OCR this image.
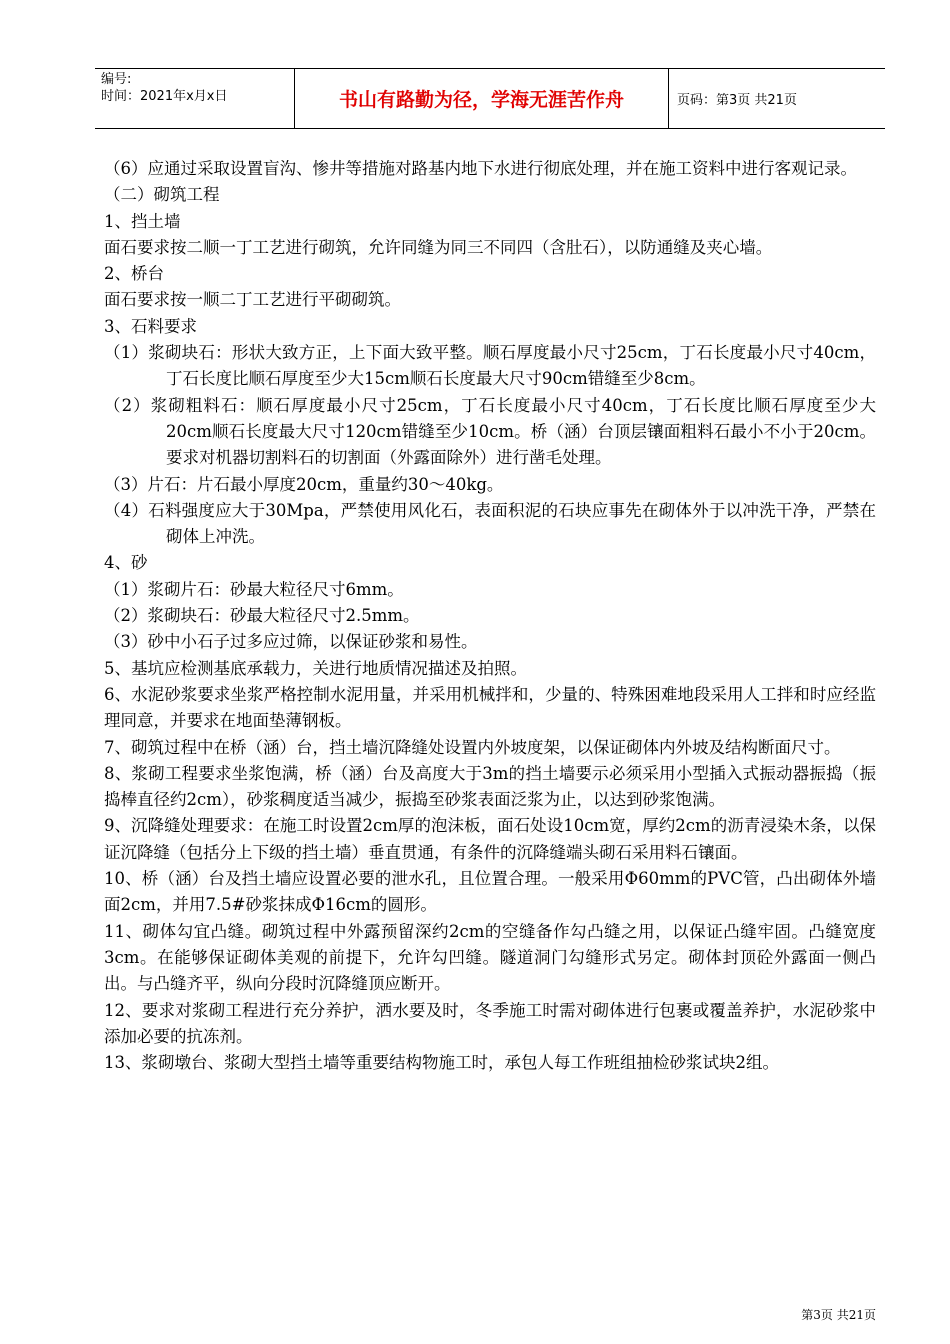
编号:
时间：2021年x月x日	书山有路勤为径，学海无涯苦作舟	页码：第3页 共21页

（6）应通过采取设置盲沟、惨井等措施对路基内地下水进行彻底处理，并在施工资料中进行客观记录。

（二）砌筑工程

1、挡土墙

面石要求按二顺一丁工艺进行砌筑，允许同缝为同三不同四（含肚石），以防通缝及夹心墙。

2、桥台

面石要求按一顺二丁工艺进行平砌砌筑。

3、石料要求

（1）浆砌块石：形状大致方正，上下面大致平整。顺石厚度最小尺寸25cm，丁石长度最小尺寸40cm，丁石长度比顺石厚度至少大15cm顺石长度最大尺寸90cm错缝至少8cm。

（2）浆砌粗料石：顺石厚度最小尺寸25cm，丁石长度最小尺寸40cm，丁石长度比顺石厚度至少大20cm顺石长度最大尺寸120cm错缝至少10cm。桥（涵）台顶层镶面粗料石最小不小于20cm。要求对机器切割料石的切割面（外露面除外）进行凿毛处理。

（3）片石：片石最小厚度20cm，重量约30～40kg。

（4）石料强度应大于30Mpa，严禁使用风化石，表面积泥的石块应事先在砌体外于以冲洗干净，严禁在砌体上冲洗。

4、砂

（1）浆砌片石：砂最大粒径尺寸6mm。

（2）浆砌块石：砂最大粒径尺寸2.5mm。

（3）砂中小石子过多应过筛，以保证砂浆和易性。

5、基坑应检测基底承载力，关进行地质情况描述及拍照。

6、水泥砂浆要求坐浆严格控制水泥用量，并采用机械拌和，少量的、特殊困难地段采用人工拌和时应经监理同意，并要求在地面垫薄钢板。

7、砌筑过程中在桥（涵）台，挡土墙沉降缝处设置内外坡度架，以保证砌体内外坡及结构断面尺寸。

8、浆砌工程要求坐浆饱满，桥（涵）台及高度大于3m的挡土墙要示必须采用小型插入式振动器振捣（振捣棒直径约2cm），砂浆稠度适当减少，振捣至砂浆表面泛浆为止，以达到砂浆饱满。

9、沉降缝处理要求：在施工时设置2cm厚的泡沫板，面石处设10cm宽，厚约2cm的沥青浸染木条，以保证沉降缝（包括分上下级的挡土墙）垂直贯通，有条件的沉降缝端头砌石采用料石镶面。

10、桥（涵）台及挡土墙应设置必要的泄水孔，且位置合理。一般采用Φ60mm的PVC管，凸出砌体外墙面2cm，并用7.5#砂浆抹成Φ16cm的圆形。

11、砌体勾宜凸缝。砌筑过程中外露预留深约2cm的空缝备作勾凸缝之用，以保证凸缝牢固。凸缝宽度3cm。在能够保证砌体美观的前提下，允许勾凹缝。隧道洞门勾缝形式另定。砌体封顶砼外露面一侧凸出。与凸缝齐平，纵向分段时沉降缝顶应断开。

12、要求对浆砌工程进行充分养护，洒水要及时，冬季施工时需对砌体进行包裹或覆盖养护，水泥砂浆中添加必要的抗冻剂。

13、浆砌墩台、浆砌大型挡土墙等重要结构物施工时，承包人每工作班组抽检砂浆试块2组。

第3页 共21页
